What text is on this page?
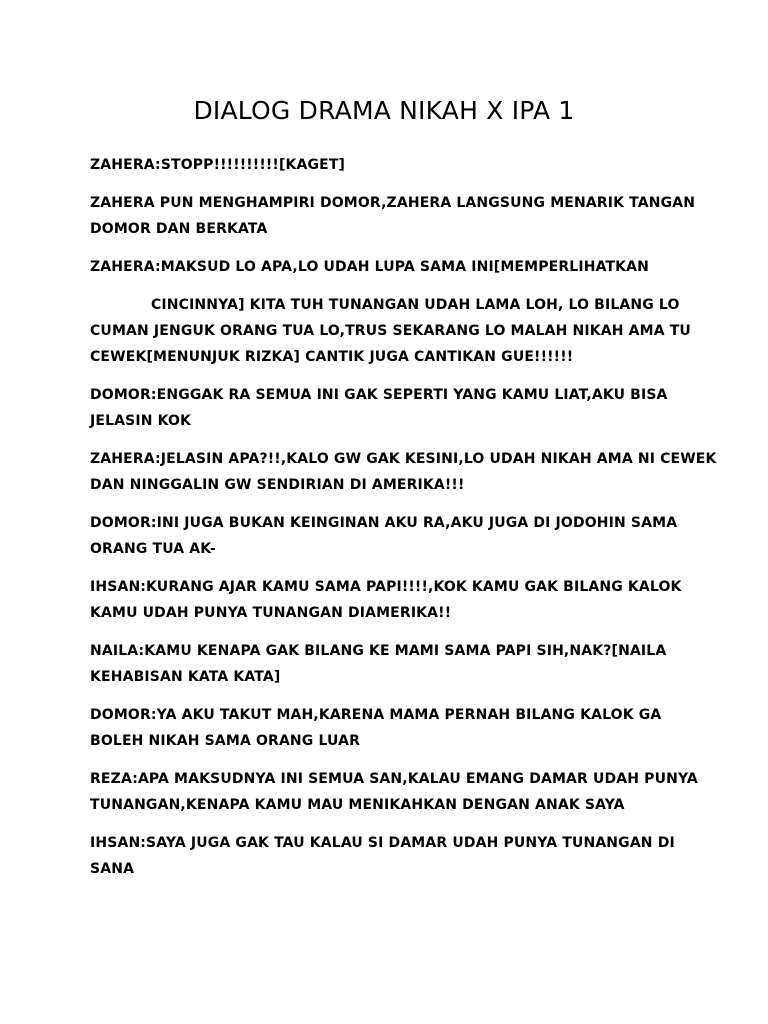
DIALOG DRAMA NIKAH X IPA 1

ZAHERA:STOPP!!!!!!!!!![KAGET]

ZAHERA PUN MENGHAMPIRI DOMOR,ZAHERA LANGSUNG MENARIK TANGAN
DOMOR DAN BERKATA

ZAHERA:MAKSUD LO APA,LO UDAH LUPA SAMA INI[MEMPERLIHATKAN

CINCINNYA] KITA TUH TUNANGAN UDAH LAMA LOH, LO BILANG LO
CUMAN JENGUK ORANG TUA LO,TRUS SEKARANG LO MALAH NIKAH AMA TU
CEWEK[MENUNJUK RIZKA] CANTIK JUGA CANTIKAN GUE!!!!!!

DOMOR:ENGGAK RA SEMUA INI GAK SEPERTI YANG KAMU LIAT,AKU BISA
JELASIN KOK

ZAHERA:JELASIN APA?!!,KALO GW GAK KESINI,LO UDAH NIKAH AMA NI CEWEK
DAN NINGGALIN GW SENDIRIAN DI AMERIKA!!!

DOMOR:INI JUGA BUKAN KEINGINAN AKU RA,AKU JUGA DI JODOHIN SAMA
ORANG TUA AK-

IHSAN:KURANG AJAR KAMU SAMA PAPI!!!!,KOK KAMU GAK BILANG KALOK
KAMU UDAH PUNYA TUNANGAN DIAMERIKA!!

NAILA:KAMU KENAPA GAK BILANG KE MAMI SAMA PAPI SIH,NAK?[NAILA
KEHABISAN KATA KATA]

DOMOR:YA AKU TAKUT MAH,KARENA MAMA PERNAH BILANG KALOK GA
BOLEH NIKAH SAMA ORANG LUAR

REZA:APA MAKSUDNYA INI SEMUA SAN,KALAU EMANG DAMAR UDAH PUNYA
TUNANGAN,KENAPA KAMU MAU MENIKAHKAN DENGAN ANAK SAYA

IHSAN:SAYA JUGA GAK TAU KALAU SI DAMAR UDAH PUNYA TUNANGAN DI
SANA
